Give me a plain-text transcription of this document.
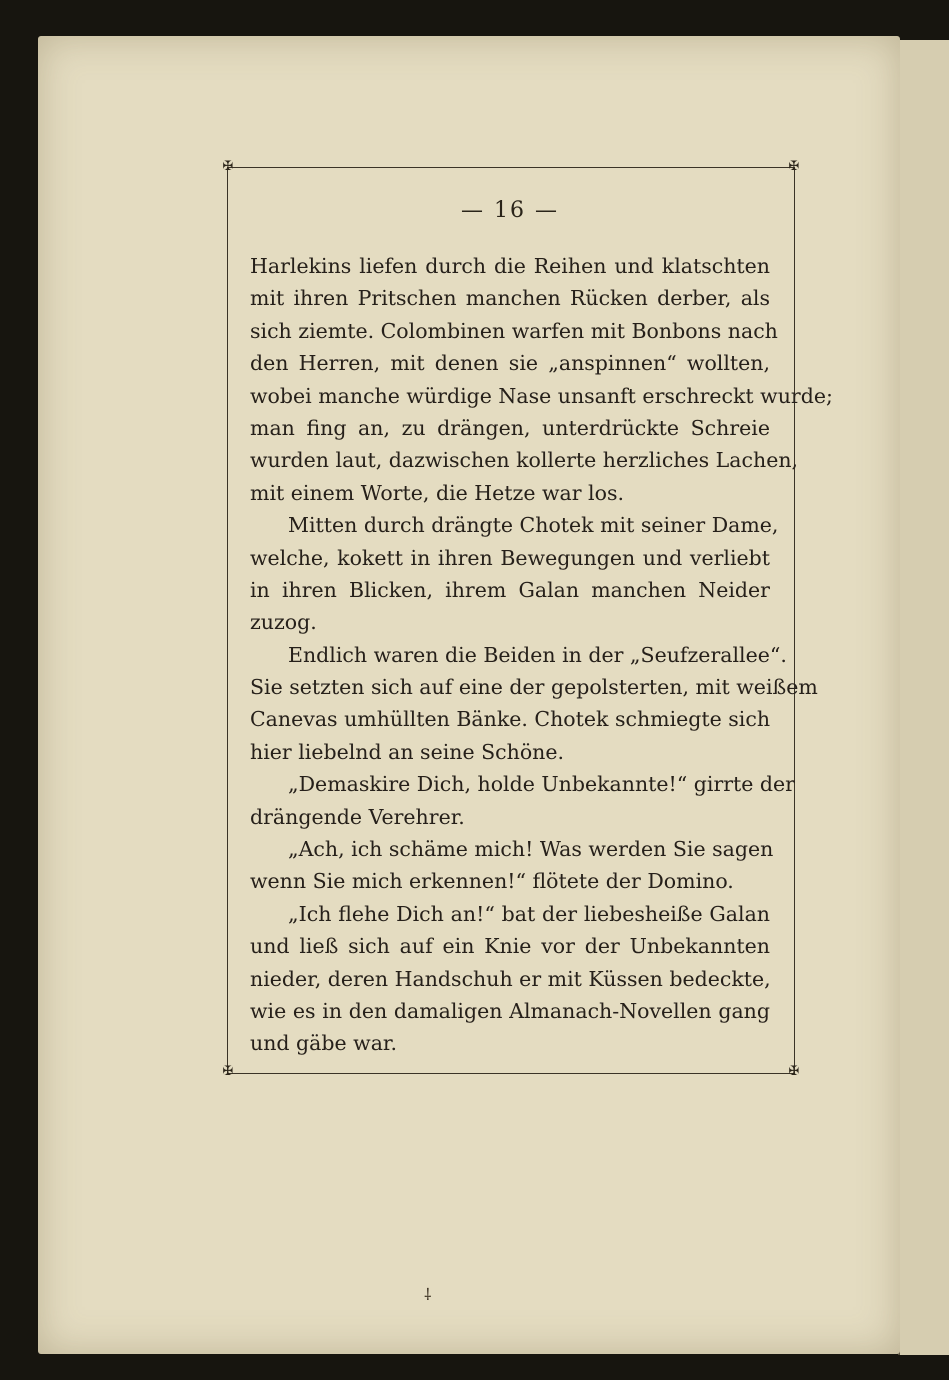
✠	✠
✠	✠
— 16 —
Harlekins liefen durch die Reihen und klatschten
mit ihren Pritschen manchen Rücken derber, als
sich ziemte. Colombinen warfen mit Bonbons nach
den Herren, mit denen sie „anspinnen“ wollten,
wobei manche würdige Nase unsanft erschreckt wurde;
man fing an, zu drängen, unterdrückte Schreie
wurden laut, dazwischen kollerte herzliches Lachen,
mit einem Worte, die Hetze war los.
Mitten durch drängte Chotek mit seiner Dame,
welche, kokett in ihren Bewegungen und verliebt
in ihren Blicken, ihrem Galan manchen Neider
zuzog.
Endlich waren die Beiden in der „Seufzerallee“.
Sie setzten sich auf eine der gepolsterten, mit weißem
Canevas umhüllten Bänke. Chotek schmiegte sich
hier liebelnd an seine Schöne.
„Demaskire Dich, holde Unbekannte!“ girrte der
drängende Verehrer.
„Ach, ich schäme mich! Was werden Sie sagen
wenn Sie mich erkennen!“ flötete der Domino.
„Ich flehe Dich an!“ bat der liebesheiße Galan
und ließ sich auf ein Knie vor der Unbekannten
nieder, deren Handschuh er mit Küssen bedeckte,
wie es in den damaligen Almanach-Novellen gang
und gäbe war.
⸸
